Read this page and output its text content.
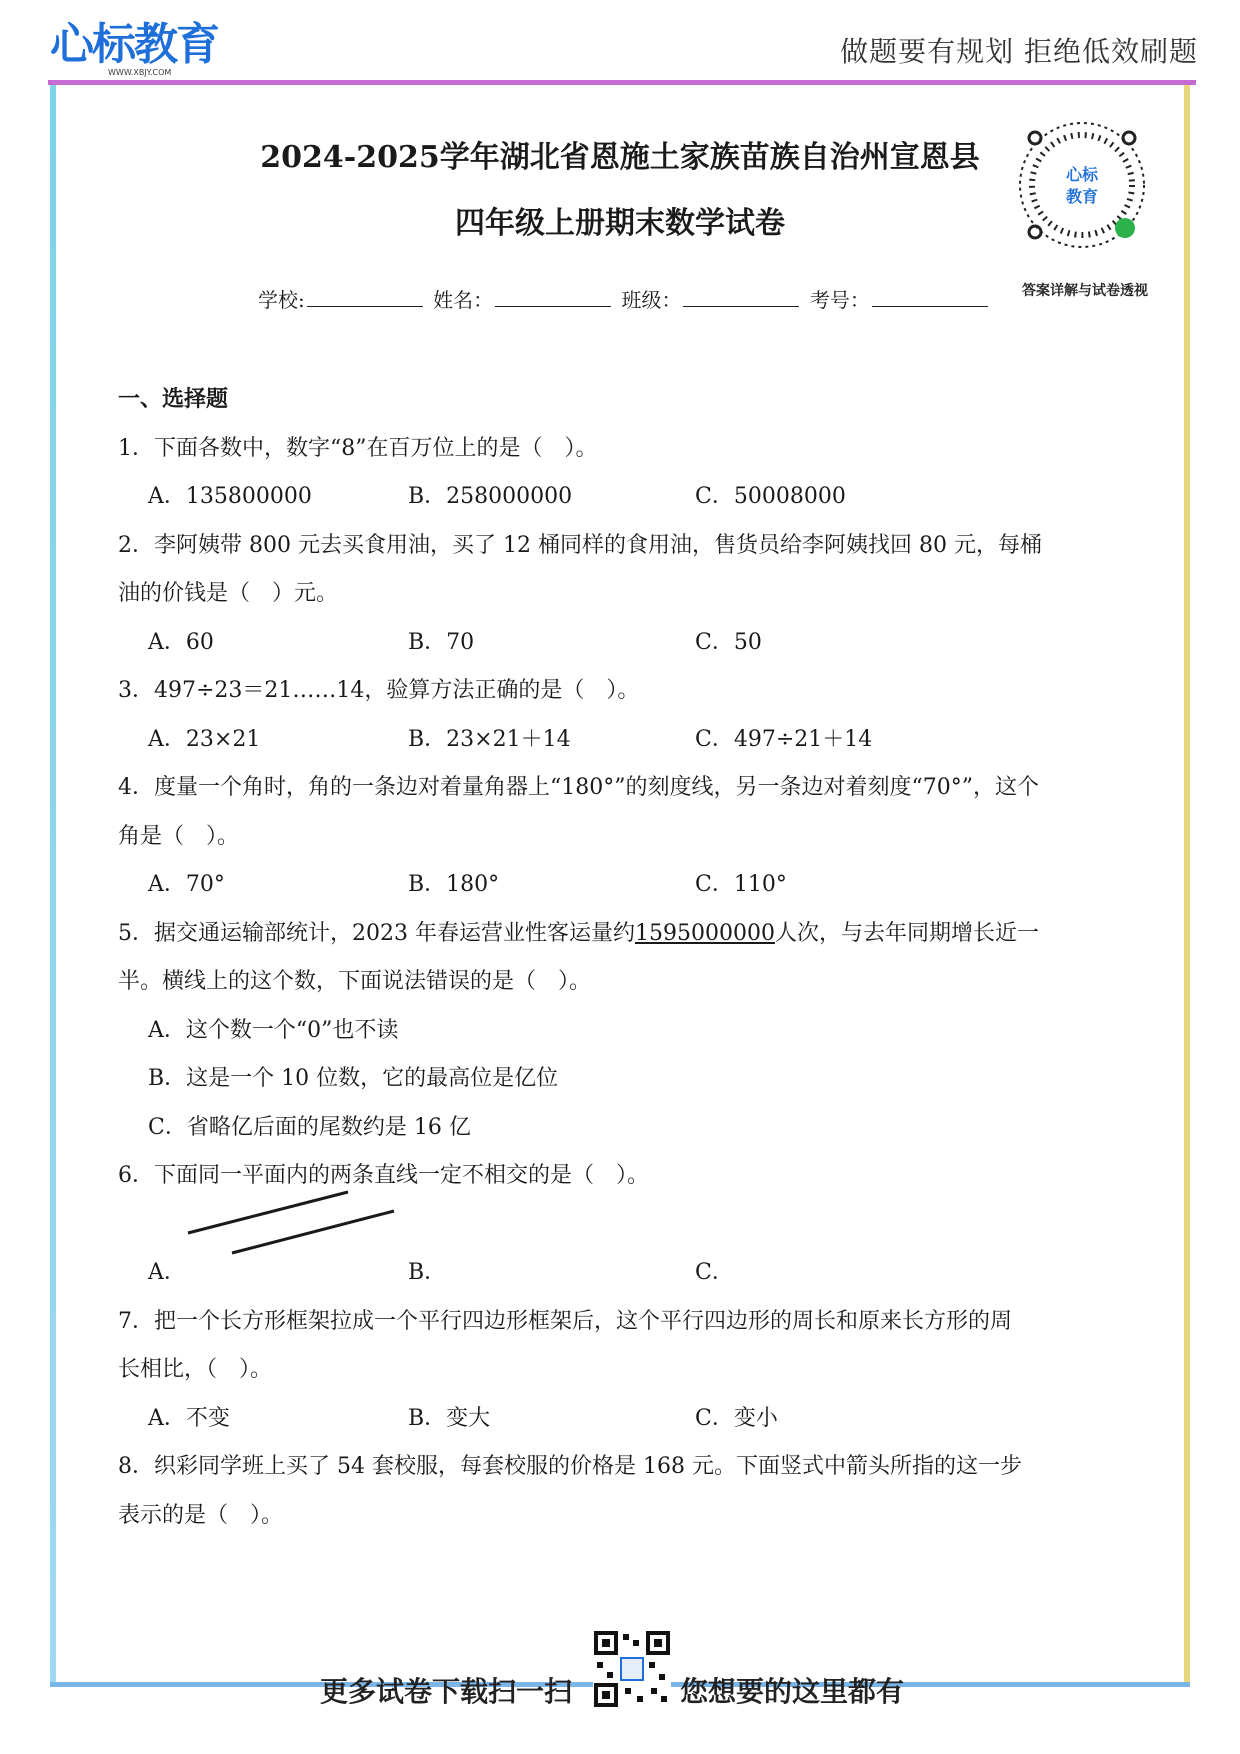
心标教育
WWW.XBJY.COM
做题要有规划 拒绝低效刷题
2024-2025学年湖北省恩施土家族苗族自治州宣恩县
四年级上册期末数学试卷
心标
教育
答案详解与试卷透视
学校:	姓名：	班级：	考号：
一、选择题
1．下面各数中，数字“8”在百万位上的是（　）。
A．135800000	B．258000000	C．50008000
2．李阿姨带 800 元去买食用油，买了 12 桶同样的食用油，售货员给李阿姨找回 80 元，每桶
油的价钱是（　）元。
A．60	B．70	C．50
3．497÷23＝21……14，验算方法正确的是（　）。
A．23×21	B．23×21＋14	C．497÷21＋14
4．度量一个角时，角的一条边对着量角器上“180°”的刻度线，另一条边对着刻度“70°”，这个
角是（　）。
A．70°	B．180°	C．110°
5．据交通运输部统计，2023 年春运营业性客运量约1595000000人次，与去年同期增长近一
半。横线上的这个数，下面说法错误的是（　）。
A．这个数一个“0”也不读
B．这是一个 10 位数，它的最高位是亿位
C．省略亿后面的尾数约是 16 亿
6．下面同一平面内的两条直线一定不相交的是（　）。
A．	B．	C．
7．把一个长方形框架拉成一个平行四边形框架后，这个平行四边形的周长和原来长方形的周
长相比，（　）。
A．不变	B．变大	C．变小
8．织彩同学班上买了 54 套校服，每套校服的价格是 168 元。下面竖式中箭头所指的这一步
表示的是（　）。
更多试卷下载扫一扫	您想要的这里都有
